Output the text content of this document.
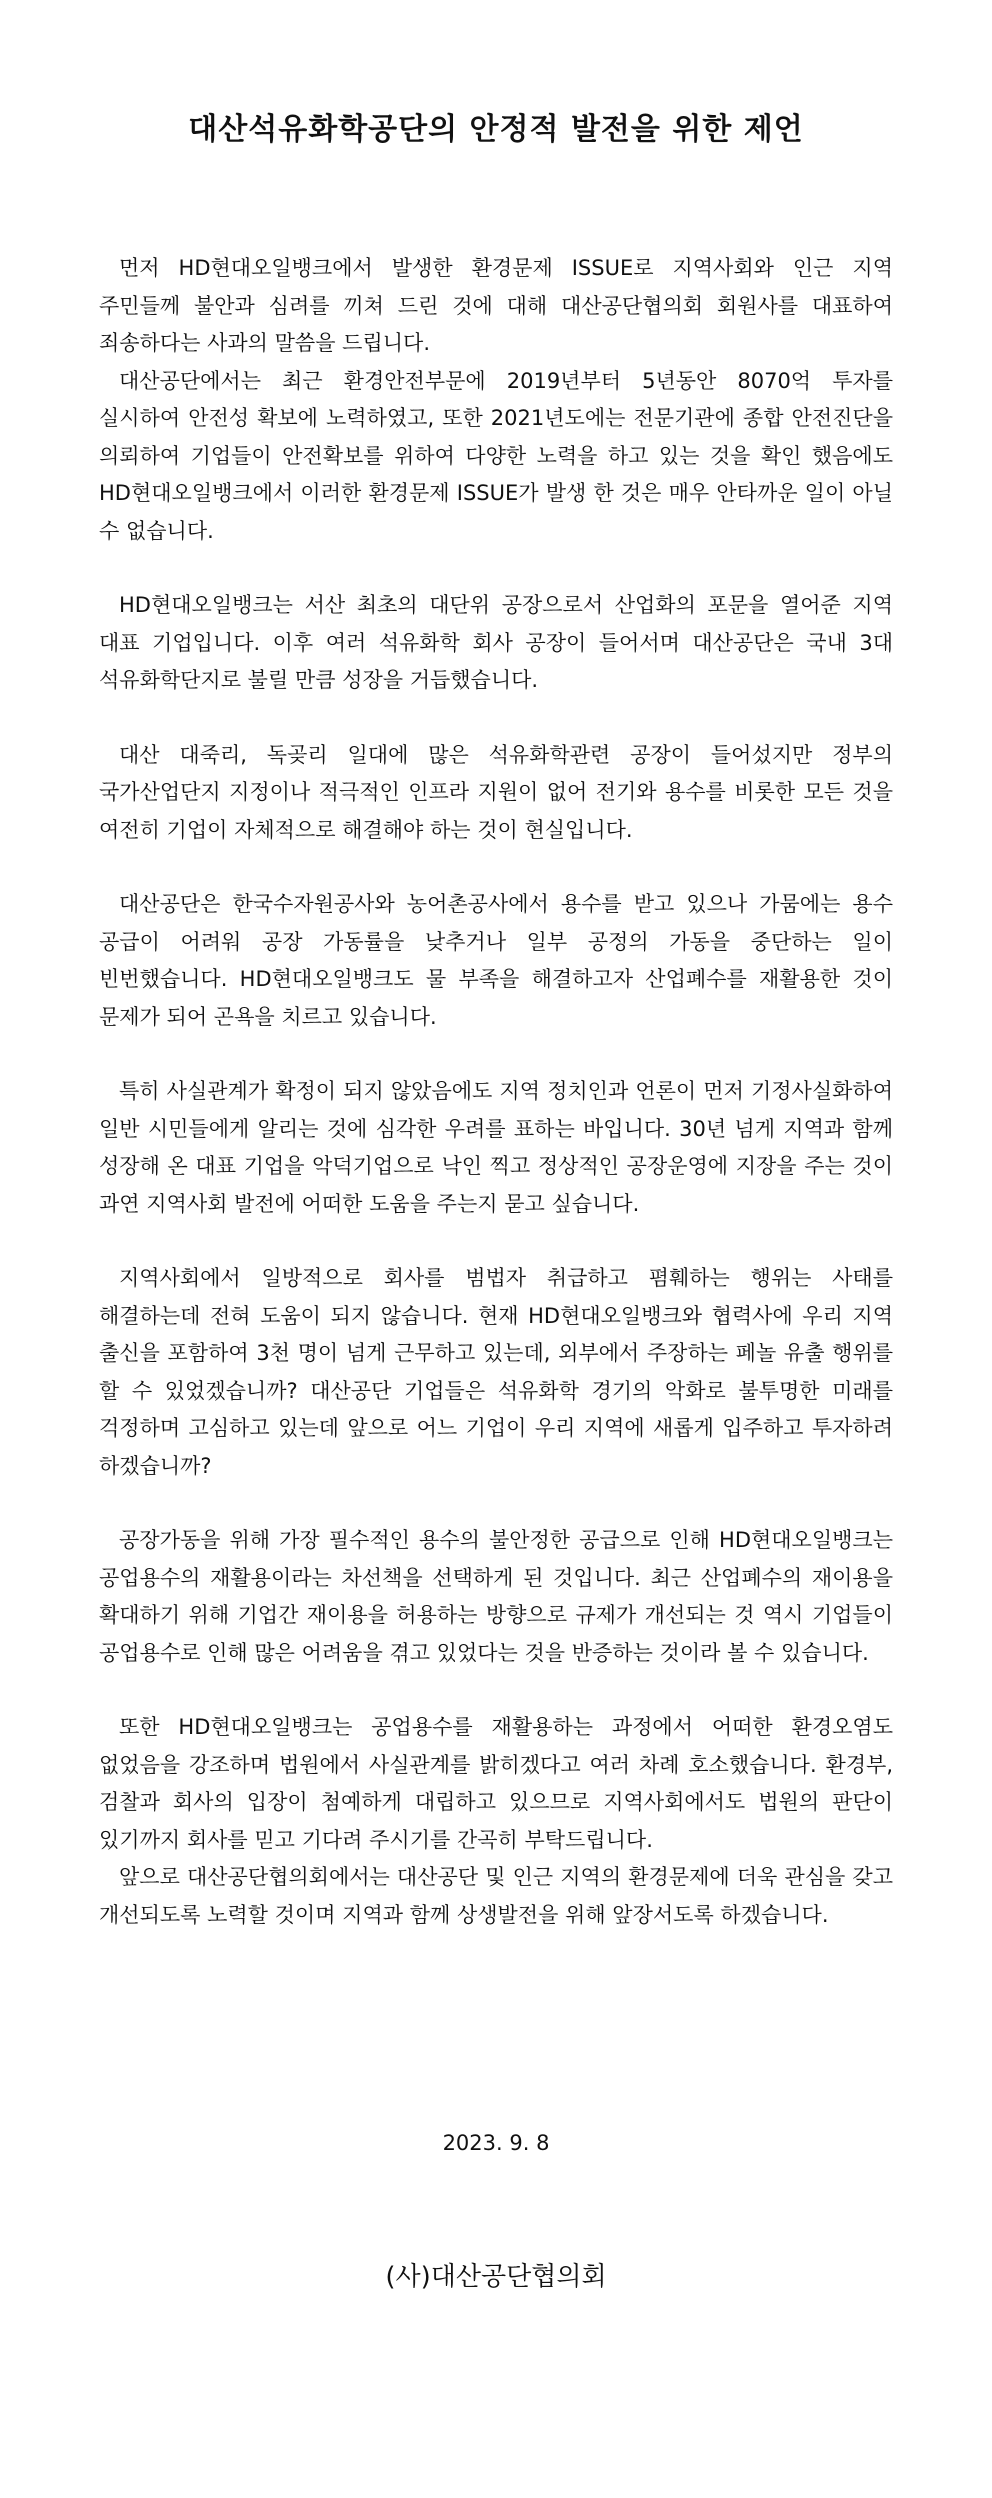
대산석유화학공단의 안정적 발전을 위한 제언

먼저 HD현대오일뱅크에서 발생한 환경문제 ISSUE로 지역사회와 인근 지역 주민들께 불안과 심려를 끼쳐 드린 것에 대해 대산공단협의회 회원사를 대표하여 죄송하다는 사과의 말씀을 드립니다.

대산공단에서는 최근 환경안전부문에 2019년부터 5년동안 8070억 투자를 실시하여 안전성 확보에 노력하였고, 또한 2021년도에는 전문기관에 종합 안전진단을 의뢰하여 기업들이 안전확보를 위하여 다양한 노력을 하고 있는 것을 확인 했음에도 HD현대오일뱅크에서 이러한 환경문제 ISSUE가 발생 한 것은 매우 안타까운 일이 아닐 수 없습니다.

HD현대오일뱅크는 서산 최초의 대단위 공장으로서 산업화의 포문을 열어준 지역 대표 기업입니다. 이후 여러 석유화학 회사 공장이 들어서며 대산공단은 국내 3대 석유화학단지로 불릴 만큼 성장을 거듭했습니다.

대산 대죽리, 독곶리 일대에 많은 석유화학관련 공장이 들어섰지만 정부의 국가산업단지 지정이나 적극적인 인프라 지원이 없어 전기와 용수를 비롯한 모든 것을 여전히 기업이 자체적으로 해결해야 하는 것이 현실입니다.

대산공단은 한국수자원공사와 농어촌공사에서 용수를 받고 있으나 가뭄에는 용수 공급이 어려워 공장 가동률을 낮추거나 일부 공정의 가동을 중단하는 일이 빈번했습니다. HD현대오일뱅크도 물 부족을 해결하고자 산업폐수를 재활용한 것이 문제가 되어 곤욕을 치르고 있습니다.

특히 사실관계가 확정이 되지 않았음에도 지역 정치인과 언론이 먼저 기정사실화하여 일반 시민들에게 알리는 것에 심각한 우려를 표하는 바입니다. 30년 넘게 지역과 함께 성장해 온 대표 기업을 악덕기업으로 낙인 찍고 정상적인 공장운영에 지장을 주는 것이 과연 지역사회 발전에 어떠한 도움을 주는지 묻고 싶습니다.

지역사회에서 일방적으로 회사를 범법자 취급하고 폄훼하는 행위는 사태를 해결하는데 전혀 도움이 되지 않습니다. 현재 HD현대오일뱅크와 협력사에 우리 지역 출신을 포함하여 3천 명이 넘게 근무하고 있는데, 외부에서 주장하는 페놀 유출 행위를 할 수 있었겠습니까? 대산공단 기업들은 석유화학 경기의 악화로 불투명한 미래를 걱정하며 고심하고 있는데 앞으로 어느 기업이 우리 지역에 새롭게 입주하고 투자하려 하겠습니까?

공장가동을 위해 가장 필수적인 용수의 불안정한 공급으로 인해 HD현대오일뱅크는 공업용수의 재활용이라는 차선책을 선택하게 된 것입니다. 최근 산업폐수의 재이용을 확대하기 위해 기업간 재이용을 허용하는 방향으로 규제가 개선되는 것 역시 기업들이 공업용수로 인해 많은 어려움을 겪고 있었다는 것을 반증하는 것이라 볼 수 있습니다.

또한 HD현대오일뱅크는 공업용수를 재활용하는 과정에서 어떠한 환경오염도 없었음을 강조하며 법원에서 사실관계를 밝히겠다고 여러 차례 호소했습니다. 환경부, 검찰과 회사의 입장이 첨예하게 대립하고 있으므로 지역사회에서도 법원의 판단이 있기까지 회사를 믿고 기다려 주시기를 간곡히 부탁드립니다.

앞으로 대산공단협의회에서는 대산공단 및 인근 지역의 환경문제에 더욱 관심을 갖고 개선되도록 노력할 것이며 지역과 함께 상생발전을 위해 앞장서도록 하겠습니다.

2023. 9. 8
(사)대산공단협의회
